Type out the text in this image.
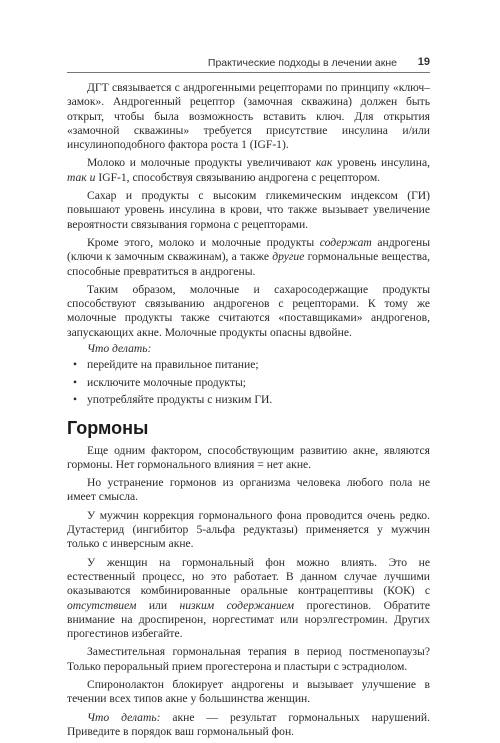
Практические подходы в лечении акне 19

ДГТ связывается с андрогенными рецепторами по принципу «ключ–замок». Андрогенный рецептор (замочная скважина) должен быть открыт, чтобы была возможность вставить ключ. Для открытия «замочной скважины» требуется присутствие инсулина и/или инсулиноподобного фактора роста 1 (IGF-1).

Молоко и молочные продукты увеличивают как уровень инсулина, так и IGF-1, способствуя связыванию андрогена с рецептором.

Сахар и продукты с высоким гликемическим индексом (ГИ) повышают уровень инсулина в крови, что также вызывает увеличение вероятности связывания гормона с рецепторами.

Кроме этого, молоко и молочные продукты содержат андрогены (ключи к замочным скважинам), а также другие гормональные вещества, способные превратиться в андрогены.

Таким образом, молочные и сахаросодержащие продукты способствуют связыванию андрогенов с рецепторами. К тому же молочные продукты также считаются «поставщиками» андрогенов, запускающих акне. Молочные продукты опасны вдвойне.

Что делать:

• перейдите на правильное питание;
• исключите молочные продукты;
• употребляйте продукты с низким ГИ.
Гормоны

Еще одним фактором, способствующим развитию акне, являются гормоны. Нет гормонального влияния = нет акне.

Но устранение гормонов из организма человека любого пола не имеет смысла.

У мужчин коррекция гормонального фона проводится очень редко. Дутастерид (ингибитор 5-альфа редуктазы) применяется у мужчин только с инверсным акне.

У женщин на гормональный фон можно влиять. Это не естественный процесс, но это работает. В данном случае лучшими оказываются комбинированные оральные контрацептивы (КОК) с отсутствием или низким содержанием прогестинов. Обратите внимание на дроспиренон, норгестимат или норэлгестромин. Других прогестинов избегайте.

Заместительная гормональная терапия в период постменопаузы? Только пероральный прием прогестерона и пластыри с эстрадиолом.

Спиронолактон блокирует андрогены и вызывает улучшение в течении всех типов акне у большинства женщин.

Что делать: акне — результат гормональных нарушений. Приведите в порядок ваш гормональный фон.
